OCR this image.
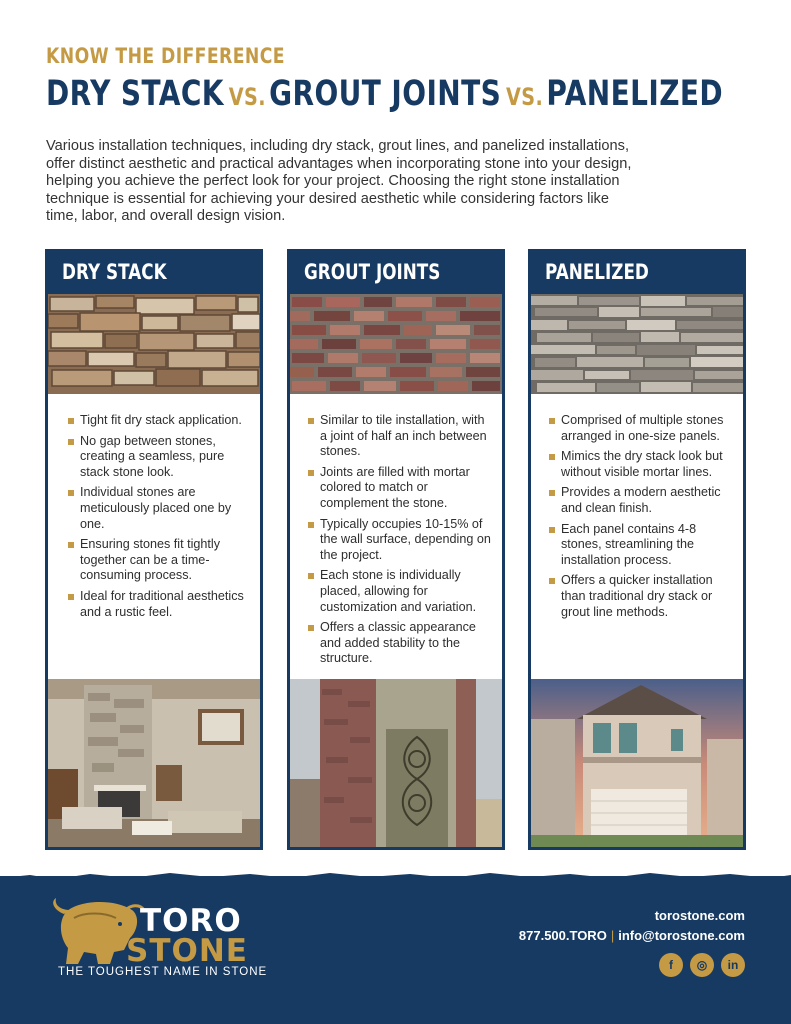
KNOW THE DIFFERENCE
DRY STACK VS.GROUT JOINTS VS.PANELIZED

Various installation techniques, including dry stack, grout lines, and panelized installations, offer distinct aesthetic and practical advantages when incorporating stone into your design, helping you achieve the perfect look for your project. Choosing the right stone installation technique is essential for achieving your desired aesthetic while considering factors like time, labor, and overall design vision.

DRY STACK
Tight fit dry stack application.
No gap between stones, creating a seamless, pure stack stone look.
Individual stones are meticulously placed one by one.
Ensuring stones fit tightly together can be a time-consuming process.
Ideal for traditional aesthetics and a rustic feel.
GROUT JOINTS
Similar to tile installation, with a joint of half an inch between stones.
Joints are filled with mortar colored to match or complement the stone.
Typically occupies 10-15% of the wall surface, depending on the project.
Each stone is individually placed, allowing for customization and variation.
Offers a classic appearance and added stability to the structure.
PANELIZED
Comprised of multiple stones arranged in one-size panels.
Mimics the dry stack look but without visible mortar lines.
Provides a modern aesthetic and clean finish.
Each panel contains 4-8 stones, streamlining the installation process.
Offers a quicker installation than traditional dry stack or grout line methods.
TORO
STONE
THE TOUGHEST NAME IN STONE
torostone.com
877.500.TORO | info@torostone.com
f	◎	in
